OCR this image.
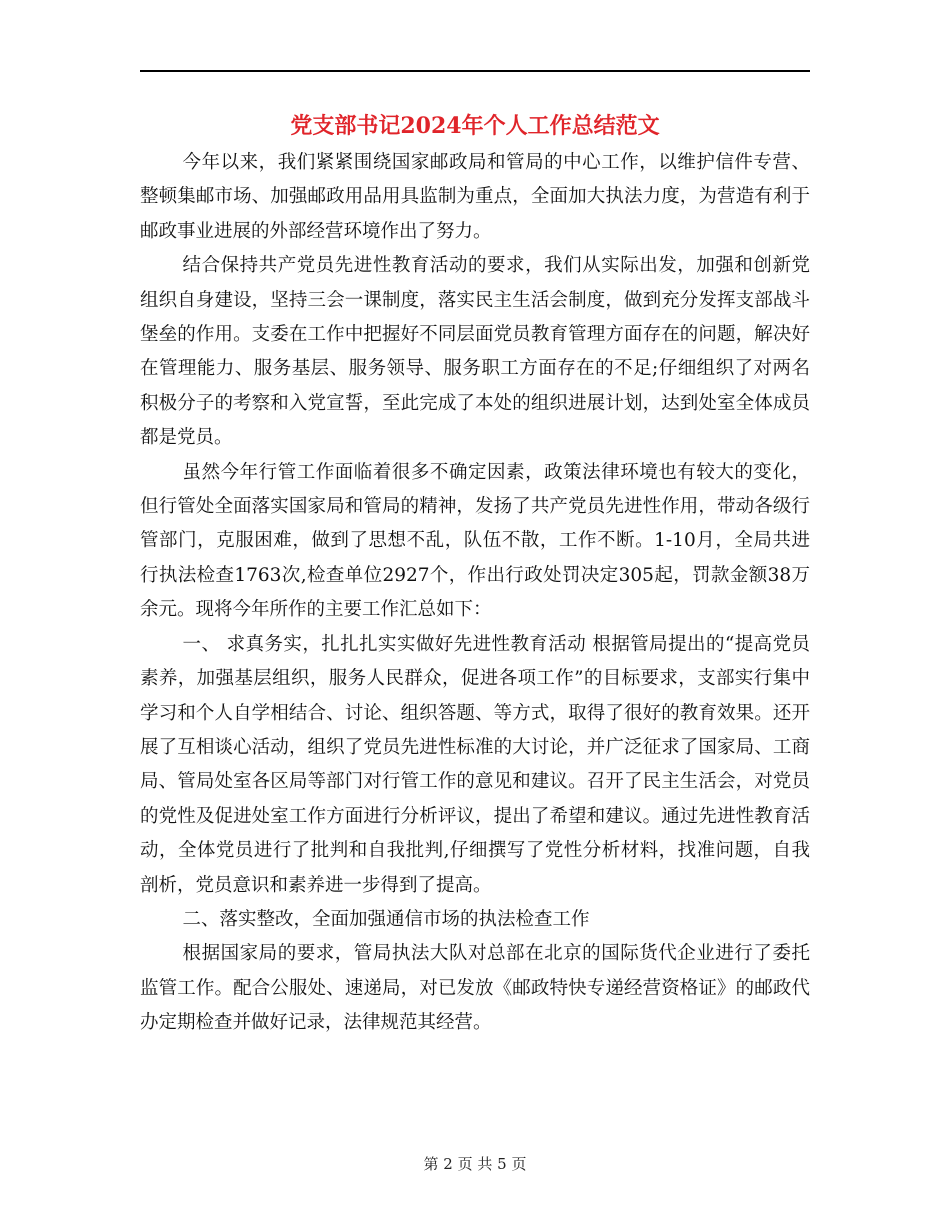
党支部书记2024年个人工作总结范文

今年以来，我们紧紧围绕国家邮政局和管局的中心工作，以维护信件专营、整顿集邮市场、加强邮政用品用具监制为重点，全面加大执法力度，为营造有利于邮政事业进展的外部经营环境作出了努力。

结合保持共产党员先进性教育活动的要求，我们从实际出发，加强和创新党组织自身建设，坚持三会一课制度，落实民主生活会制度，做到充分发挥支部战斗堡垒的作用。支委在工作中把握好不同层面党员教育管理方面存在的问题，解决好在管理能力、服务基层、服务领导、服务职工方面存在的不足;仔细组织了对两名积极分子的考察和入党宣誓，至此完成了本处的组织进展计划，达到处室全体成员都是党员。

虽然今年行管工作面临着很多不确定因素，政策法律环境也有较大的变化，但行管处全面落实国家局和管局的精神，发扬了共产党员先进性作用，带动各级行管部门，克服困难，做到了思想不乱，队伍不散，工作不断。1-10月，全局共进行执法检查1763次,检查单位2927个，作出行政处罚决定305起，罚款金额38万余元。现将今年所作的主要工作汇总如下：

一、 求真务实，扎扎扎实实做好先进性教育活动 根据管局提出的“提高党员素养，加强基层组织，服务人民群众，促进各项工作”的目标要求，支部实行集中学习和个人自学相结合、讨论、组织答题、等方式，取得了很好的教育效果。还开展了互相谈心活动，组织了党员先进性标准的大讨论，并广泛征求了国家局、工商局、管局处室各区局等部门对行管工作的意见和建议。召开了民主生活会，对党员的党性及促进处室工作方面进行分析评议，提出了希望和建议。通过先进性教育活动，全体党员进行了批判和自我批判,仔细撰写了党性分析材料，找准问题，自我剖析，党员意识和素养进一步得到了提高。

二、落实整改，全面加强通信市场的执法检查工作

根据国家局的要求，管局执法大队对总部在北京的国际货代企业进行了委托监管工作。配合公服处、速递局，对已发放《邮政特快专递经营资格证》的邮政代办定期检查并做好记录，法律规范其经营。

第 2 页 共 5 页
